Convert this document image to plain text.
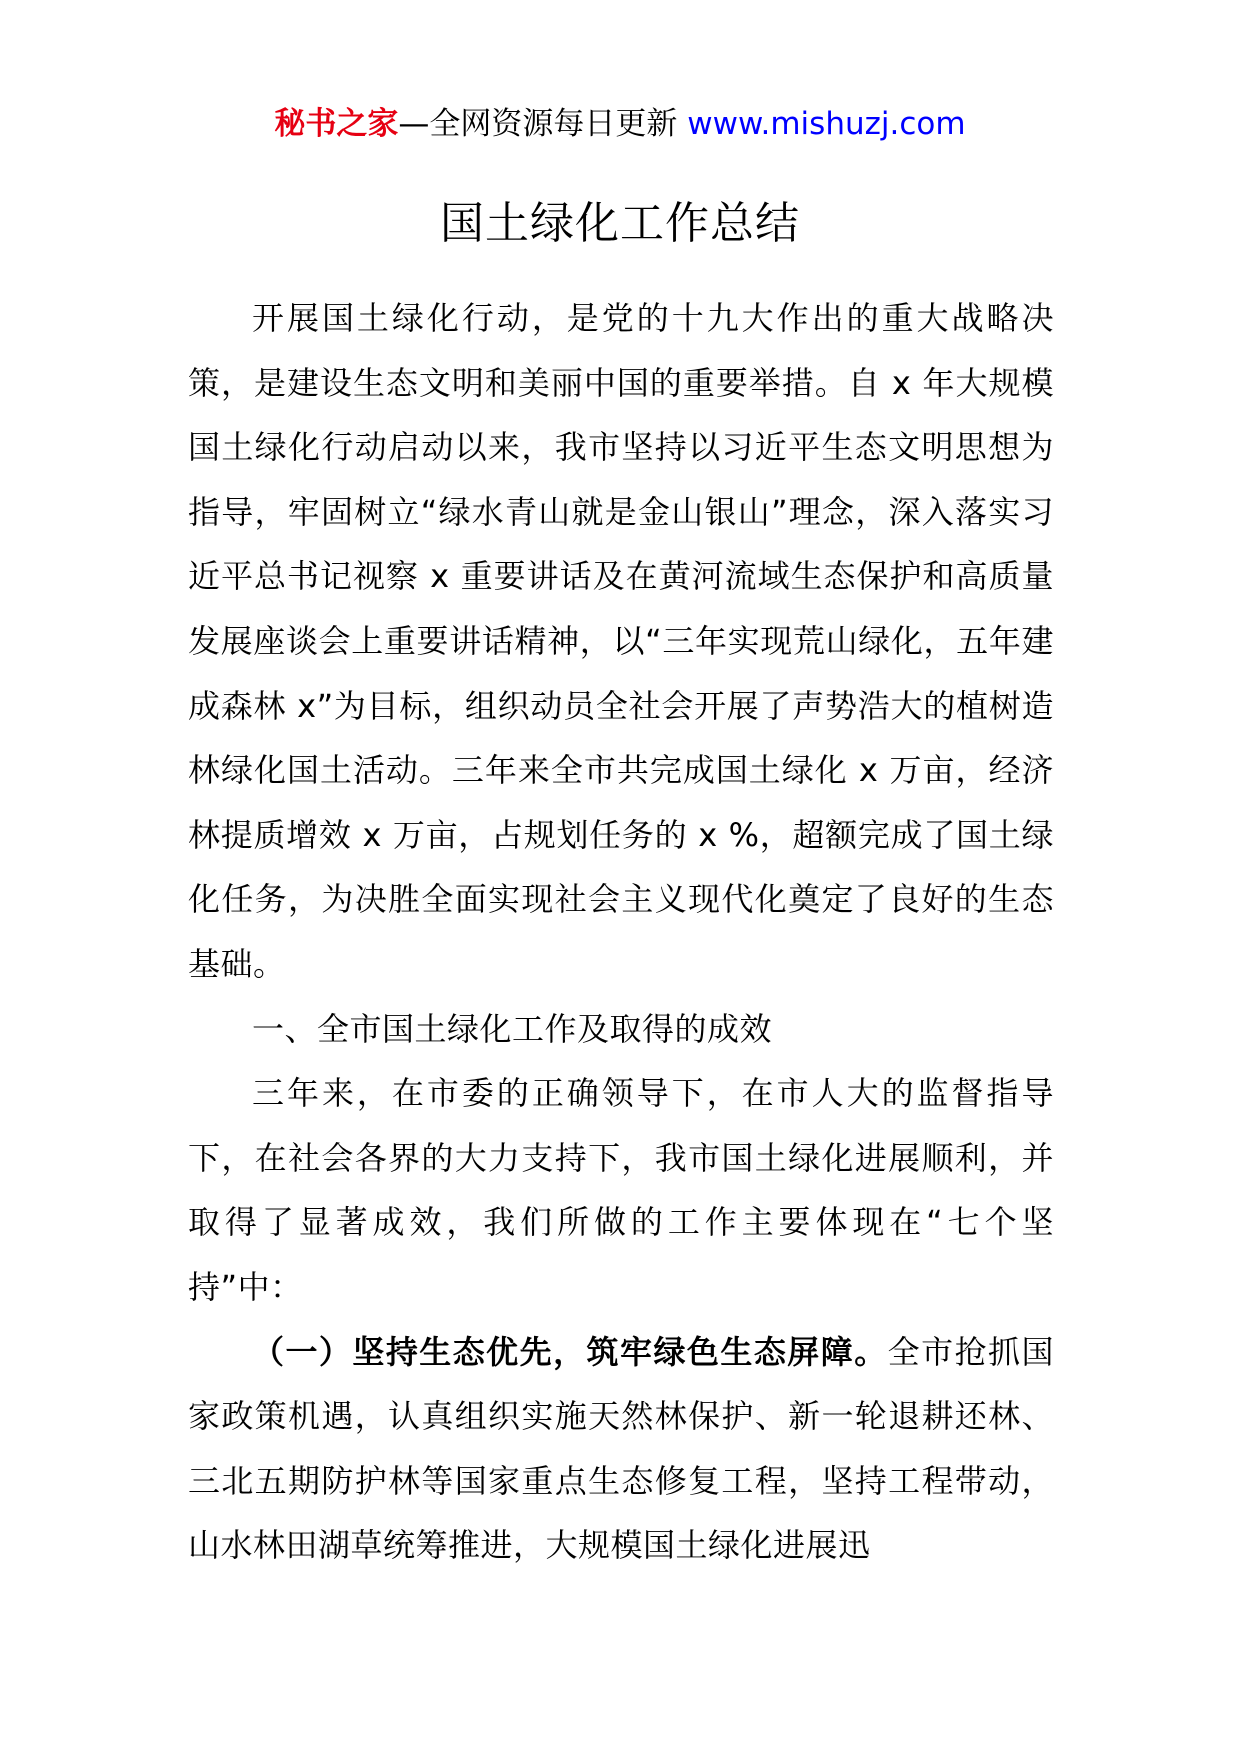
秘书之家—全网资源每日更新 www.mishuzj.com
国土绿化工作总结

开展国土绿化行动，是党的十九大作出的重大战略决策，是建设生态文明和美丽中国的重要举措。自 x 年大规模国土绿化行动启动以来，我市坚持以习近平生态文明思想为指导，牢固树立“绿水青山就是金山银山”理念，深入落实习近平总书记视察 x 重要讲话及在黄河流域生态保护和高质量发展座谈会上重要讲话精神，以“三年实现荒山绿化，五年建成森林 x”为目标，组织动员全社会开展了声势浩大的植树造林绿化国土活动。三年来全市共完成国土绿化 x 万亩，经济林提质增效 x 万亩，占规划任务的 x %，超额完成了国土绿化任务，为决胜全面实现社会主义现代化奠定了良好的生态基础。

一、全市国土绿化工作及取得的成效

三年来，在市委的正确领导下，在市人大的监督指导下，在社会各界的大力支持下，我市国土绿化进展顺利，并取得了显著成效，我们所做的工作主要体现在“七个坚持”中：

（一）坚持生态优先，筑牢绿色生态屏障。全市抢抓国家政策机遇，认真组织实施天然林保护、新一轮退耕还林、三北五期防护林等国家重点生态修复工程，坚持工程带动，山水林田湖草统筹推进，大规模国土绿化进展迅
